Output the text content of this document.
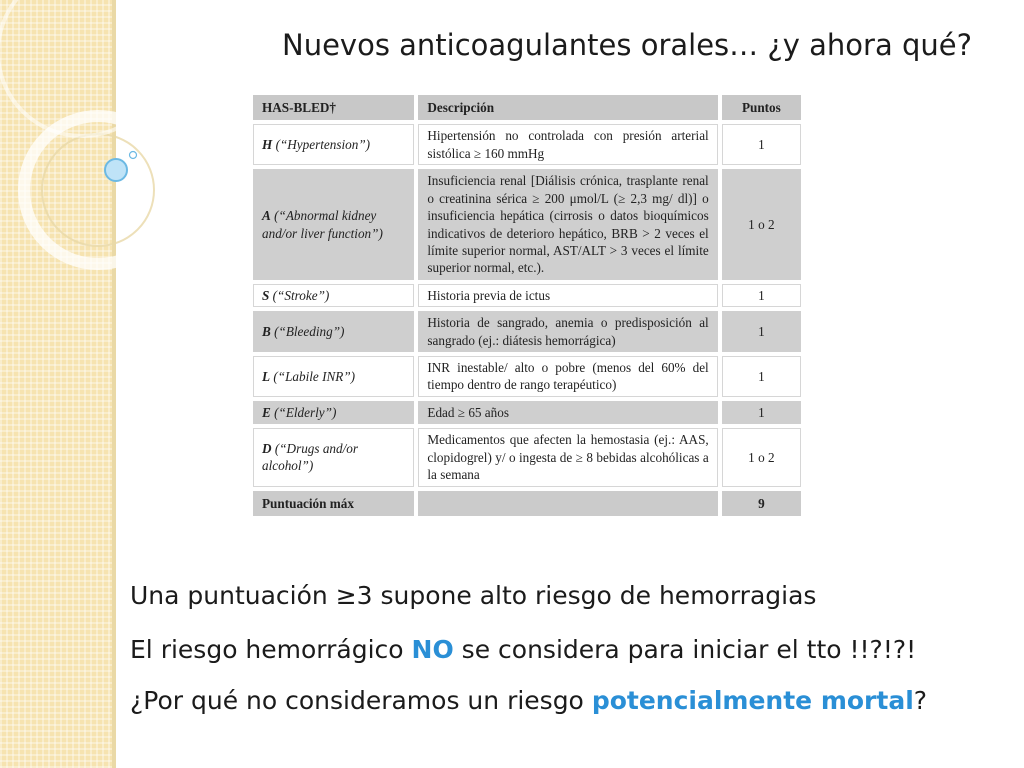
Nuevos anticoagulantes orales… ¿y ahora qué?
HAS-BLED†	Descripción	Puntos
H (“Hypertension”)	Hipertensión no controlada con presión arterial sistólica ≥ 160 mmHg	1
A (“Abnormal kidney and/or liver function”)	Insuficiencia renal [Diálisis crónica, trasplante renal o creatinina sérica ≥ 200 μmol/L (≥ 2,3 mg/ dl)] o insuficiencia hepática (cirrosis o datos bioquímicos indicativos de deterioro hepático, BRB > 2 veces el límite superior normal, AST/ALT > 3 veces el límite superior normal, etc.).	1 o 2
S (“Stroke”)	Historia previa de ictus	1
B (“Bleeding”)	Historia de sangrado, anemia o predisposición al sangrado (ej.: diátesis hemorrágica)	1
L (“Labile INR”)	INR inestable/ alto o pobre (menos del 60% del tiempo dentro de rango terapéutico)	1
E (“Elderly”)	Edad ≥ 65 años	1
D (“Drugs and/or alcohol”)	Medicamentos que afecten la hemostasia (ej.: AAS, clopidogrel) y/ o ingesta de ≥ 8 bebidas alcohólicas a la semana	1 o 2
Puntuación máx		9
Una puntuación ≥3 supone alto riesgo de hemorragias
El riesgo hemorrágico NO se considera para iniciar el tto !!?!?!
¿Por qué no consideramos un riesgo potencialmente mortal?
